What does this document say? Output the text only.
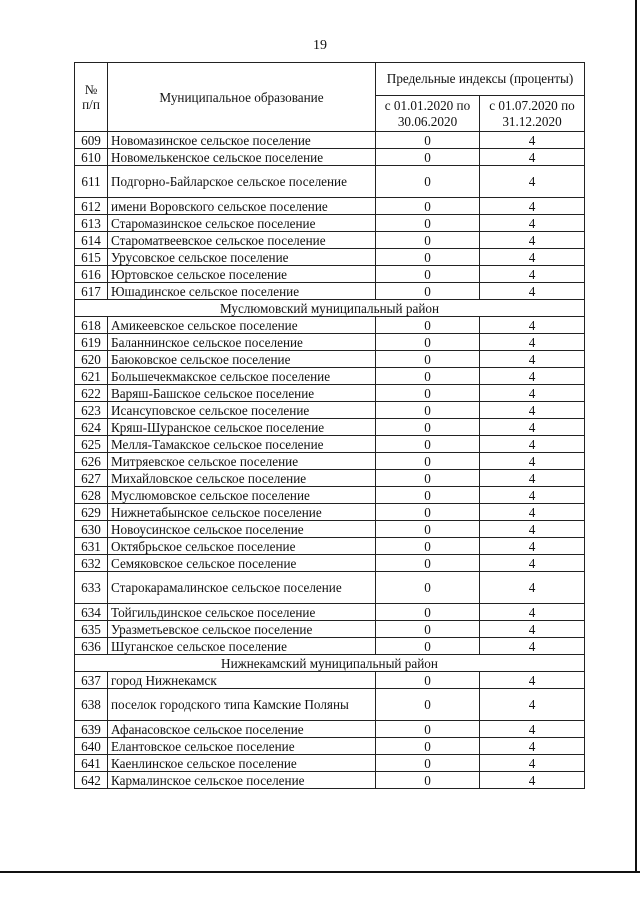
19
№ п/п	Муниципальное образование	Предельные индексы (проценты)	
		с 01.01.2020 по 30.06.2020	с 01.07.2020 по 31.12.2020
609	Новомазинское сельское поселение	0	4
610	Новомелькенское сельское поселение	0	4
611	Подгорно-Байларское сельское поселение	0	4
612	имени Воровского сельское поселение	0	4
613	Старомазинское сельское поселение	0	4
614	Староматвеевское сельское поселение	0	4
615	Урусовское сельское поселение	0	4
616	Юртовское сельское поселение	0	4
617	Юшадинское сельское поселение	0	4
Муслюмовский муниципальный район			
618	Амикеевское сельское поселение	0	4
619	Баланнинское сельское поселение	0	4
620	Баюковское сельское поселение	0	4
621	Большечекмакское сельское поселение	0	4
622	Варяш-Башское сельское поселение	0	4
623	Исансуповское сельское поселение	0	4
624	Кряш-Шуранское сельское поселение	0	4
625	Мелля-Тамакское сельское поселение	0	4
626	Митряевское сельское поселение	0	4
627	Михайловское сельское поселение	0	4
628	Муслюмовское сельское поселение	0	4
629	Нижнетабынское сельское поселение	0	4
630	Новоусинское сельское поселение	0	4
631	Октябрьское сельское поселение	0	4
632	Семяковское сельское поселение	0	4
633	Старокарамалинское сельское поселение	0	4
634	Тойгильдинское сельское поселение	0	4
635	Уразметьевское сельское поселение	0	4
636	Шуганское сельское поселение	0	4
Нижнекамский муниципальный район			
637	город Нижнекамск	0	4
638	поселок городского типа Камские Поляны	0	4
639	Афанасовское сельское поселение	0	4
640	Елантовское сельское поселение	0	4
641	Каенлинское сельское поселение	0	4
642	Кармалинское сельское поселение	0	4
